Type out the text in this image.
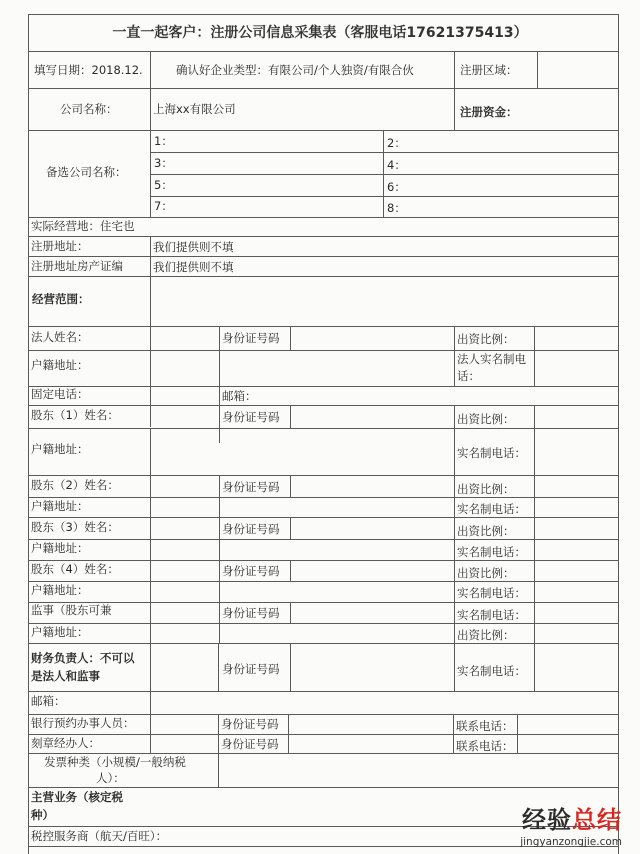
一直一起客户：注册公司信息采集表（客服电话17621375413）
填写日期：2018.12.	确认好企业类型：有限公司/个人独资/有限合伙	注册区域：
公司名称：	上海xx有限公司	注册资金：
备选公司名称：
1：	2：
3：	4：
5：	6：
7：	8：
实际经营地：住宅也
注册地址：	我们提供则不填
注册地址房产证编	我们提供则不填
经营范围：
法人姓名：	身份证号码	出资比例：
户籍地址：	法人实名制电
话：
固定电话：	邮箱：
股东（1）姓名：	身份证号码	出资比例：
户籍地址：	实名制电话：
股东（2）姓名：	身份证号码	出资比例：
户籍地址：	实名制电话：
股东（3）姓名：	身份证号码	出资比例：
户籍地址：	实名制电话：
股东（4）姓名：	身份证号码	出资比例：
户籍地址：	实名制电话：
监事（股东可兼	身份证号码	实名制电话：
户籍地址：	出资比例：
财务负责人：不可以
是法人和监事	身份证号码	实名制电话：
邮箱：
银行预约办事人员：	身份证号码	联系电话：
刻章经办人：	身份证号码	联系电话：
发票种类（小规模/一般纳税
人）：
主营业务（核定税
种）
税控服务商（航天/百旺）：
经验总结
jingyanzongjie.com
